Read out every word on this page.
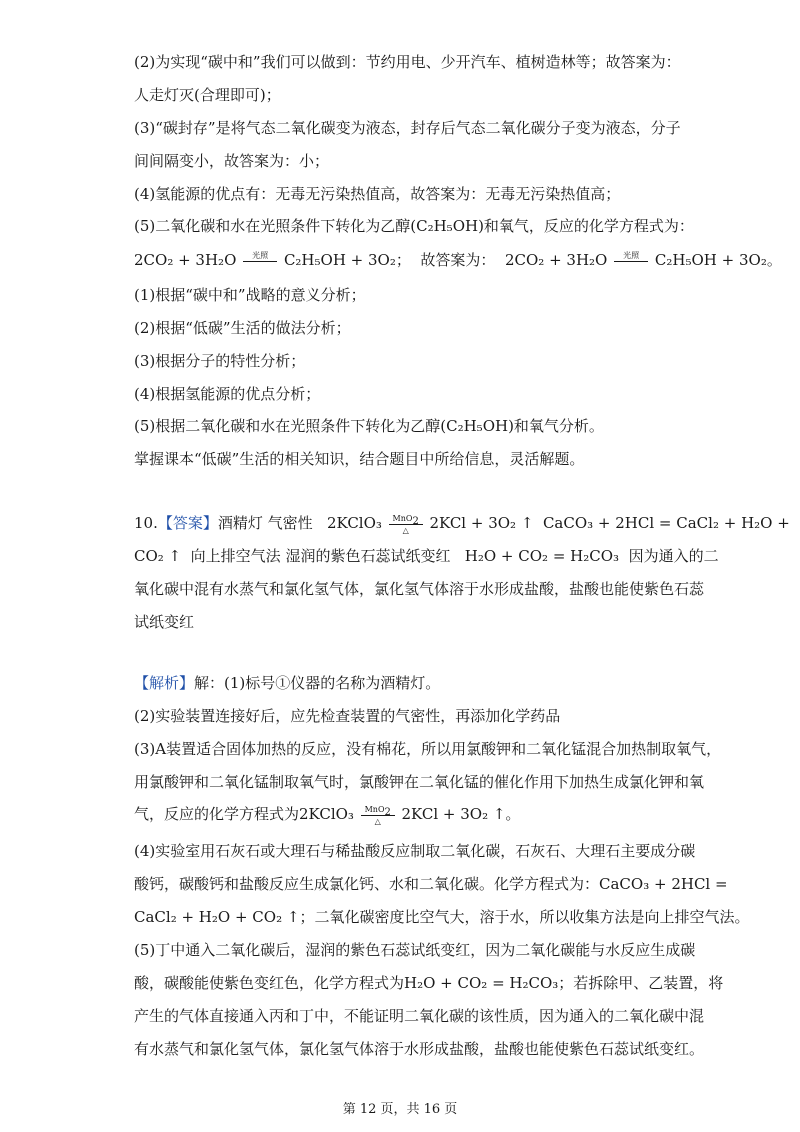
(2)为实现“碳中和”我们可以做到：节约用电、少开汽车、植树造林等；故答案为：
人走灯灭(合理即可)；
(3)“碳封存”是将气态二氧化碳变为液态，封存后气态二氧化碳分子变为液态，分子
间间隔变小，故答案为：小；
(4)氢能源的优点有：无毒无污染热值高，故答案为：无毒无污染热值高；
(5)二氧化碳和水在光照条件下转化为乙醇(C₂H₅OH)和氧气，反应的化学方程式为：
2CO₂ + 3H₂O	光照	C₂H₅OH + 3O₂； 故答案为： 2CO₂ + 3H₂O	光照	C₂H₅OH + 3O₂。
(1)根据“碳中和”战略的意义分析；
(2)根据“低碳”生活的做法分析；
(3)根据分子的特性分析；
(4)根据氢能源的优点分析；
(5)根据二氧化碳和水在光照条件下转化为乙醇(C₂H₅OH)和氧气分析。
掌握课本“低碳”生活的相关知识，结合题目中所给信息，灵活解题。
10.【答案】酒精灯 气密性 2KClO₃	MnO$_2$
△	2KCl + 3O₂ ↑ CaCO₃ + 2HCl = CaCl₂ + H₂O +
CO₂ ↑ 向上排空气法 湿润的紫色石蕊试纸变红 H₂O + CO₂ = H₂CO₃ 因为通入的二
氧化碳中混有水蒸气和氯化氢气体，氯化氢气体溶于水形成盐酸，盐酸也能使紫色石蕊
试纸变红
【解析】解：(1)标号①仪器的名称为酒精灯。
(2)实验装置连接好后，应先检查装置的气密性，再添加化学药品
(3)A装置适合固体加热的反应，没有棉花，所以用氯酸钾和二氧化锰混合加热制取氧气，
用氯酸钾和二氧化锰制取氧气时，氯酸钾在二氧化锰的催化作用下加热生成氯化钾和氧
气，反应的化学方程式为2KClO₃	MnO$_2$
△	2KCl + 3O₂ ↑。
(4)实验室用石灰石或大理石与稀盐酸反应制取二氧化碳，石灰石、大理石主要成分碳
酸钙，碳酸钙和盐酸反应生成氯化钙、水和二氧化碳。化学方程式为：CaCO₃ + 2HCl =
CaCl₂ + H₂O + CO₂ ↑；二氧化碳密度比空气大，溶于水，所以收集方法是向上排空气法。
(5)丁中通入二氧化碳后，湿润的紫色石蕊试纸变红，因为二氧化碳能与水反应生成碳
酸，碳酸能使紫色变红色，化学方程式为H₂O + CO₂ = H₂CO₃；若拆除甲、乙装置，将
产生的气体直接通入丙和丁中，不能证明二氧化碳的该性质，因为通入的二氧化碳中混
有水蒸气和氯化氢气体，氯化氢气体溶于水形成盐酸，盐酸也能使紫色石蕊试纸变红。
第 12 页，共 16 页
